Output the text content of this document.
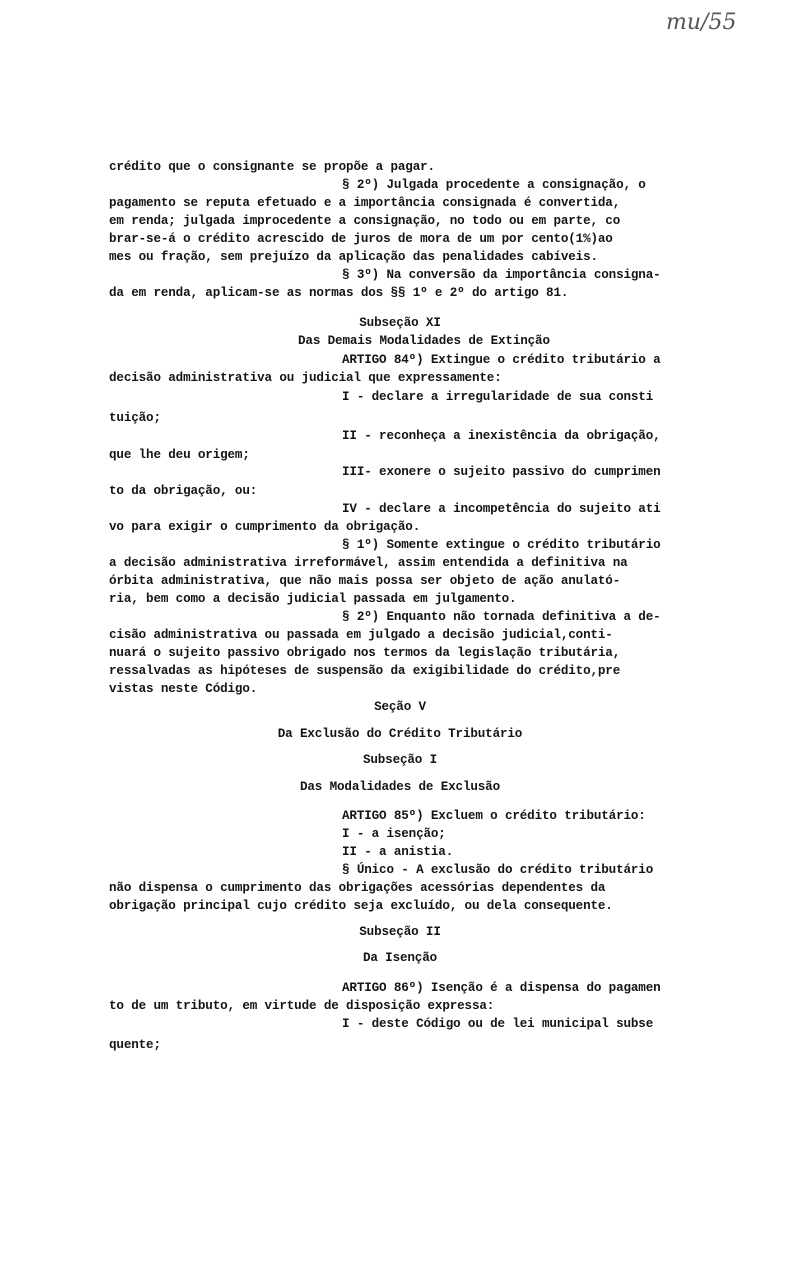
mu/55
crédito que o consignante se propõe a pagar.
§ 2º) Julgada procedente a consignação, o
pagamento se reputa efetuado e a importância consignada é convertida,
em renda; julgada improcedente a consignação, no todo ou em parte, co
brar-se-á o crédito acrescido de juros de mora de um por cento(1%)ao
mes ou fração, sem prejuízo da aplicação das penalidades cabíveis.
§ 3º) Na conversão da importância consigna-
da em renda, aplicam-se as normas dos §§ 1º e 2º do artigo 81.
Subseção XI
Das Demais Modalidades de Extinção
ARTIGO 84º) Extingue o crédito tributário a
decisão administrativa ou judicial que expressamente:
I - declare a irregularidade de sua consti
tuição;
II - reconheça a inexistência da obrigação,
que lhe deu origem;
III- exonere o sujeito passivo do cumprimen
to da obrigação, ou:
IV - declare a incompetência do sujeito ati
vo para exigir o cumprimento da obrigação.
§ 1º) Somente extingue o crédito tributário
a decisão administrativa irreformável, assim entendida a definitiva na
órbita administrativa, que não mais possa ser objeto de ação anulató-
ria, bem como a decisão judicial passada em julgamento.
§ 2º) Enquanto não tornada definitiva a de-
cisão administrativa ou passada em julgado a decisão judicial,conti-
nuará o sujeito passivo obrigado nos termos da legislação tributária,
ressalvadas as hipóteses de suspensão da exigibilidade do crédito,pre
vistas neste Código.
Seção V
Da Exclusão do Crédito Tributário
Subseção I
Das Modalidades de Exclusão
ARTIGO 85º) Excluem o crédito tributário:
I - a isenção;
II - a anistia.
§ Único - A exclusão do crédito tributário
não dispensa o cumprimento das obrigações acessórias dependentes da
obrigação principal cujo crédito seja excluído, ou dela consequente.
Subseção II
Da Isenção
ARTIGO 86º) Isenção é a dispensa do pagamen
to de um tributo, em virtude de disposição expressa:
I - deste Código ou de lei municipal subse
quente;
